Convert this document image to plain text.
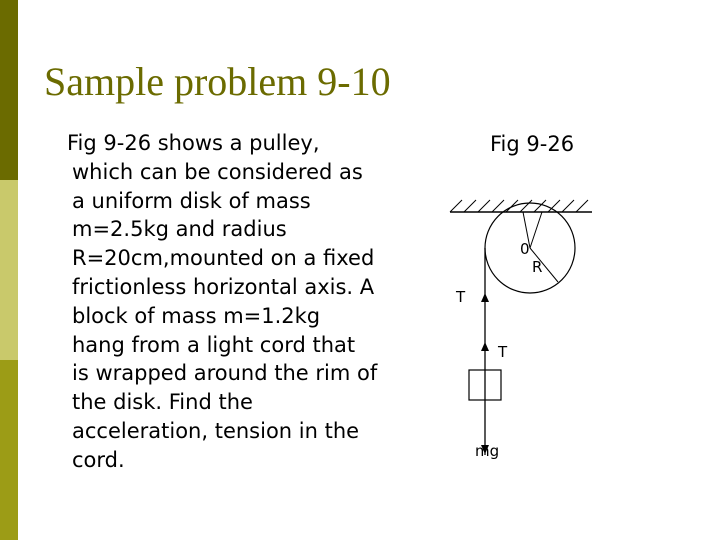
Sample problem 9-10
Fig 9-26 shows a pulley,
which can be considered as
a uniform disk of mass
m=2.5kg and radius
R=20cm,mounted on a fixed
frictionless horizontal axis. A
block of mass m=1.2kg
hang from a light cord that
is wrapped around the rim of
the disk. Find the
acceleration, tension in the
cord.
Fig 9-26
0
R
T
T
mg
